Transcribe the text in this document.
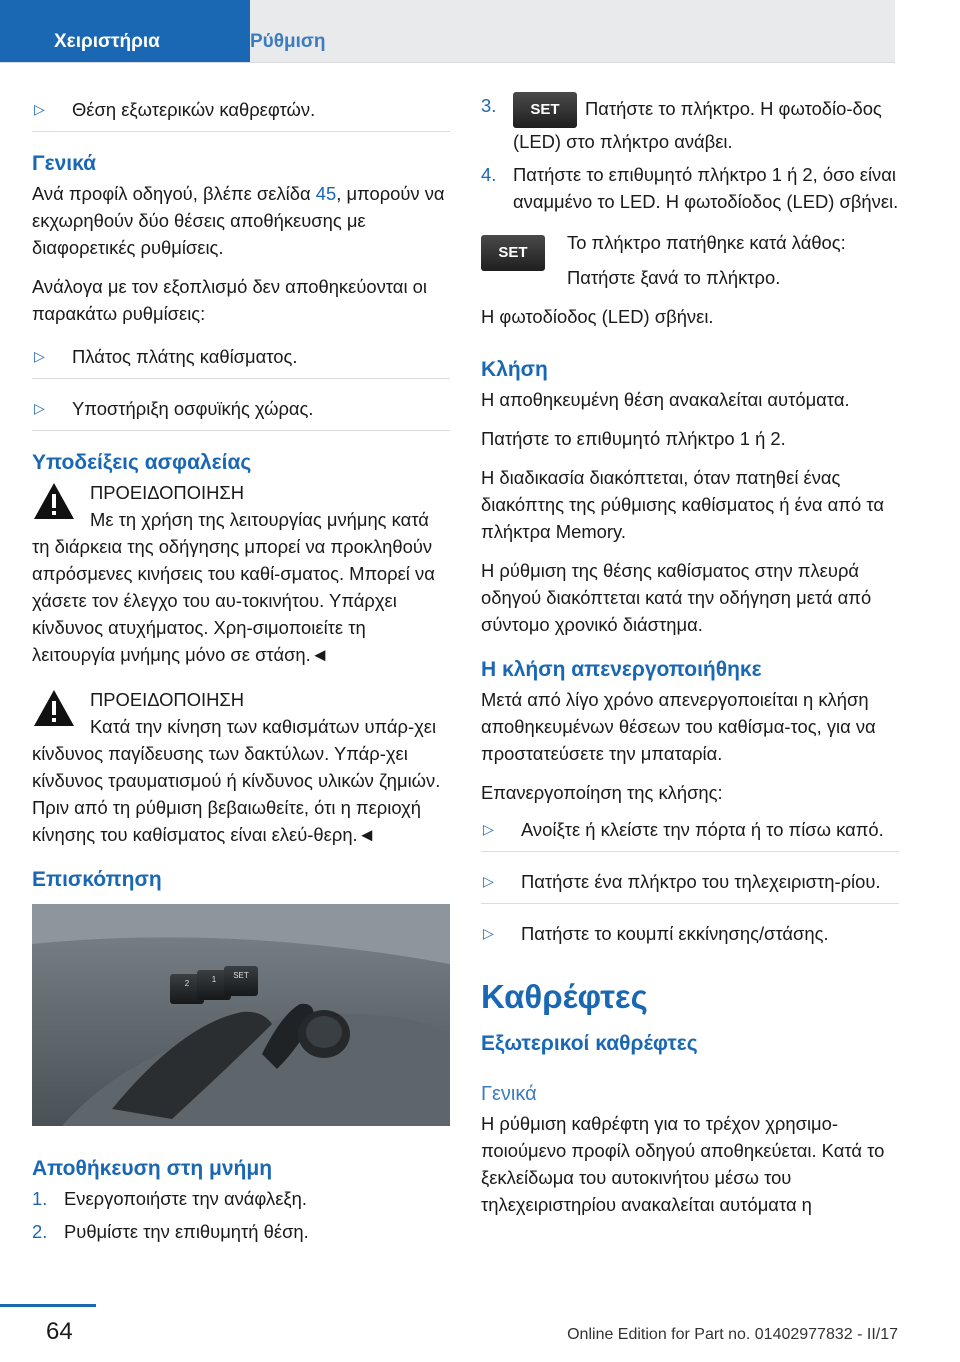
Χειριστήρια	Ρύθμιση
▷	Θέση εξωτερικών καθρεφτών.
Γενικά

Ανά προφίλ οδηγού, βλέπε σελίδα 45, μπορούν να εκχωρηθούν δύο θέσεις αποθήκευσης με διαφορετικές ρυθμίσεις.

Ανάλογα με τον εξοπλισμό δεν αποθηκεύονται οι παρακάτω ρυθμίσεις:

▷	Πλάτος πλάτης καθίσματος.
▷	Υποστήριξη οσφυϊκής χώρας.
Υποδείξεις ασφαλείας
ΠΡΟΕΙΔΟΠΟΙΗΣΗ
Με τη χρήση της λειτουργίας μνήμης κατά τη διάρκεια της οδήγησης μπορεί να προκληθούν απρόσμενες κινήσεις του καθί-σματος. Μπορεί να χάσετε τον έλεγχο του αυ-τοκινήτου. Υπάρχει κίνδυνος ατυχήματος. Χρη-σιμοποιείτε τη λειτουργία μνήμης μόνο σε στάση.◄
ΠΡΟΕΙΔΟΠΟΙΗΣΗ
Κατά την κίνηση των καθισμάτων υπάρ-χει κίνδυνος παγίδευσης των δακτύλων. Υπάρ-χει κίνδυνος τραυματισμού ή κίνδυνος υλικών ζημιών. Πριν από τη ρύθμιση βεβαιωθείτε, ότι η περιοχή κίνησης του καθίσματος είναι ελεύ-θερη.◄
Επισκόπηση
2	1 SET
Αποθήκευση στη μνήμη
1. Ενεργοποιήστε την ανάφλεξη.
2. Ρυθμίστε την επιθυμητή θέση.
3.	SET Πατήστε το πλήκτρο. Η φωτοδίο-δος (LED) στο πλήκτρο ανάβει.
4. Πατήστε το επιθυμητό πλήκτρο 1 ή 2, όσο είναι αναμμένο το LED. Η φωτοδίοδος (LED) σβήνει.
SET	Το πλήκτρο πατήθηκε κατά λάθος:

Πατήστε ξανά το πλήκτρο.

Η φωτοδίοδος (LED) σβήνει.

Κλήση

Η αποθηκευμένη θέση ανακαλείται αυτόματα.

Πατήστε το επιθυμητό πλήκτρο 1 ή 2.

Η διαδικασία διακόπτεται, όταν πατηθεί ένας διακόπτης της ρύθμισης καθίσματος ή ένα από τα πλήκτρα Memory.

Η ρύθμιση της θέσης καθίσματος στην πλευρά οδηγού διακόπτεται κατά την οδήγηση μετά από σύντομο χρονικό διάστημα.

Η κλήση απενεργοποιήθηκε

Μετά από λίγο χρόνο απενεργοποιείται η κλήση αποθηκευμένων θέσεων του καθίσμα-τος, για να προστατεύσετε την μπαταρία.

Επανεργοποίηση της κλήσης:

▷	Ανοίξτε ή κλείστε την πόρτα ή το πίσω καπό.
▷	Πατήστε ένα πλήκτρο του τηλεχειριστη-ρίου.
▷	Πατήστε το κουμπί εκκίνησης/στάσης.
Καθρέφτες
Εξωτερικοί καθρέφτες
Γενικά

Η ρύθμιση καθρέφτη για το τρέχον χρησιμο-ποιούμενο προφίλ οδηγού αποθηκεύεται. Κατά το ξεκλείδωμα του αυτοκινήτου μέσω του τηλεχειριστηρίου ανακαλείται αυτόματα η

64	Online Edition for Part no. 01402977832 - II/17
